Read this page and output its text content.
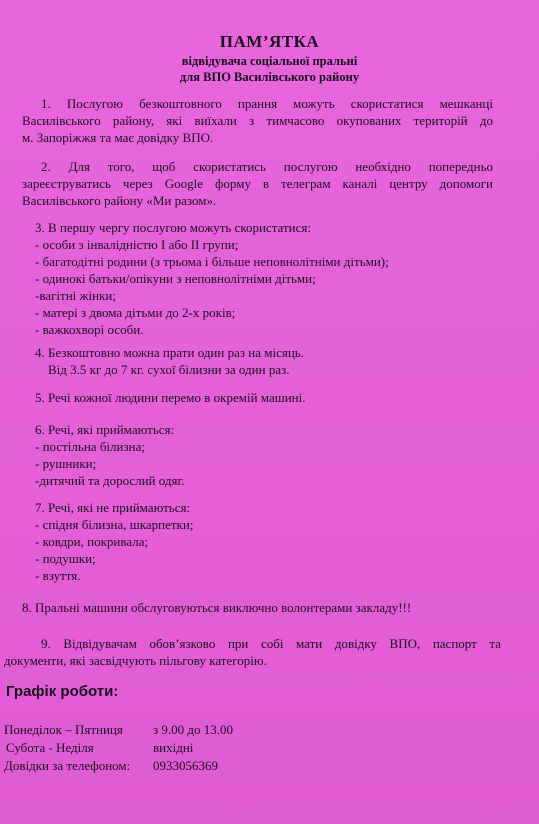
ПАМ’ЯТКА
відвідувача соціальної пральні
для ВПО Василівського району
1. Послугою безкоштовного прання можуть скористатися мешканці
Василівського району, які виїхали з тимчасово окупованих територій до
м. Запоріжжя та має довідку ВПО.
2. Для того, щоб скористатись послугою необхідно попередньо
зареєструватись через Google форму в телеграм каналі центру допомоги
Василівського району «Ми разом».
3. В першу чергу послугою можуть скористатися:
- особи з інвалідністю I або II групи;
- багатодітні родини (з трьома і більше неповнолітніми дітьми);
- одинокі батьки/опікуни з неповнолітніми дітьми;
-вагітні жінки;
- матері з двома дітьми до 2-х років;
- важкохворі особи.
4. Безкоштовно можна прати один раз на місяць.
Від 3.5 кг до 7 кг. сухої білизни за один раз.
5. Речі кожної людини перемо в окремій машині.
6. Речі, які приймаються:
- постільна білизна;
- рушники;
-дитячий та дорослий одяг.
7. Речі, які не приймаються:
- спідня білизна, шкарпетки;
- ковдри, покривала;
- подушки;
- взуття.
8. Пральні машини обслуговуються виключно волонтерами закладу!!!
9. Відвідувачам обов’язково при собі мати довідку ВПО, паспорт та
документи, які засвідчують пільгову категорію.
Графік роботи:
Понеділок – Пятниця з 9.00 до 13.00
Субота - Неділя	вихідні
Довідки за телефоном: 0933056369
